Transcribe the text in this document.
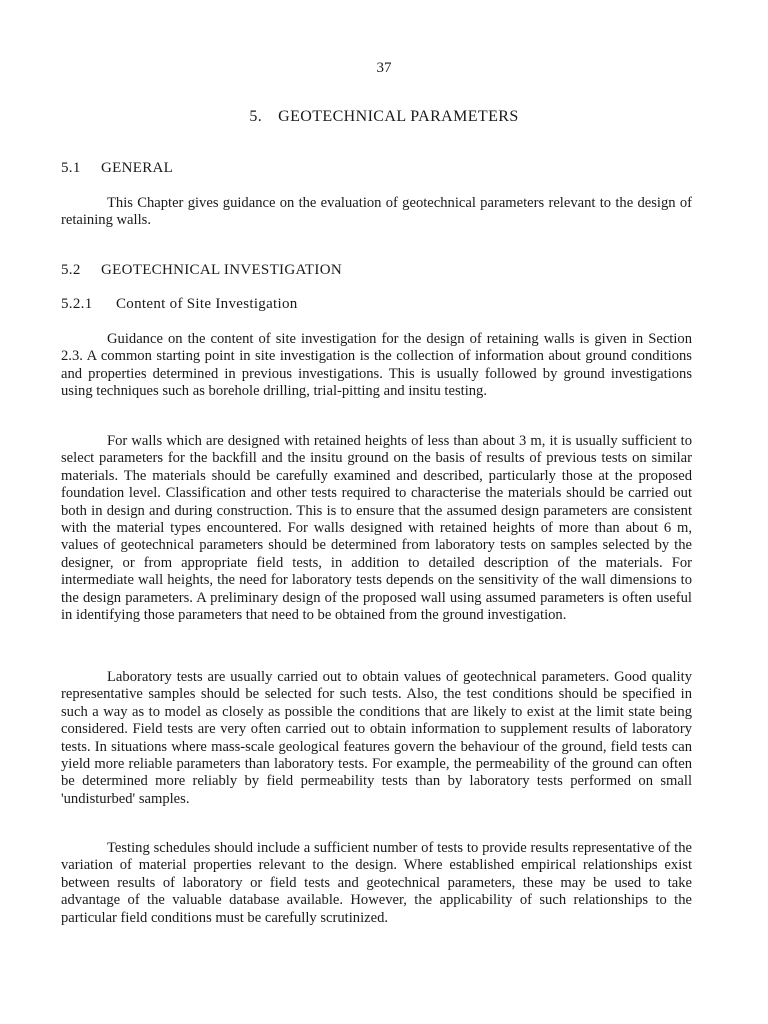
37
5. GEOTECHNICAL PARAMETERS
5.1 GENERAL

This Chapter gives guidance on the evaluation of geotechnical parameters relevant to the design of retaining walls.

5.2 GEOTECHNICAL INVESTIGATION
5.2.1 Content of Site Investigation

Guidance on the content of site investigation for the design of retaining walls is given in Section 2.3. A common starting point in site investigation is the collection of information about ground conditions and properties determined in previous investigations. This is usually followed by ground investigations using techniques such as borehole drilling, trial-pitting and insitu testing.

For walls which are designed with retained heights of less than about 3 m, it is usually sufficient to select parameters for the backfill and the insitu ground on the basis of results of previous tests on similar materials. The materials should be carefully examined and described, particularly those at the proposed foundation level. Classification and other tests required to characterise the materials should be carried out both in design and during construction. This is to ensure that the assumed design parameters are consistent with the material types encountered. For walls designed with retained heights of more than about 6 m, values of geotechnical parameters should be determined from laboratory tests on samples selected by the designer, or from appropriate field tests, in addition to detailed description of the materials. For intermediate wall heights, the need for laboratory tests depends on the sensitivity of the wall dimensions to the design parameters. A preliminary design of the proposed wall using assumed parameters is often useful in identifying those parameters that need to be obtained from the ground investigation.

Laboratory tests are usually carried out to obtain values of geotechnical parameters. Good quality representative samples should be selected for such tests. Also, the test conditions should be specified in such a way as to model as closely as possible the conditions that are likely to exist at the limit state being considered. Field tests are very often carried out to obtain information to supplement results of laboratory tests. In situations where mass-scale geological features govern the behaviour of the ground, field tests can yield more reliable parameters than laboratory tests. For example, the permeability of the ground can often be determined more reliably by field permeability tests than by laboratory tests performed on small 'undisturbed' samples.

Testing schedules should include a sufficient number of tests to provide results representative of the variation of material properties relevant to the design. Where established empirical relationships exist between results of laboratory or field tests and geotechnical parameters, these may be used to take advantage of the valuable database available. However, the applicability of such relationships to the particular field conditions must be carefully scrutinized.
